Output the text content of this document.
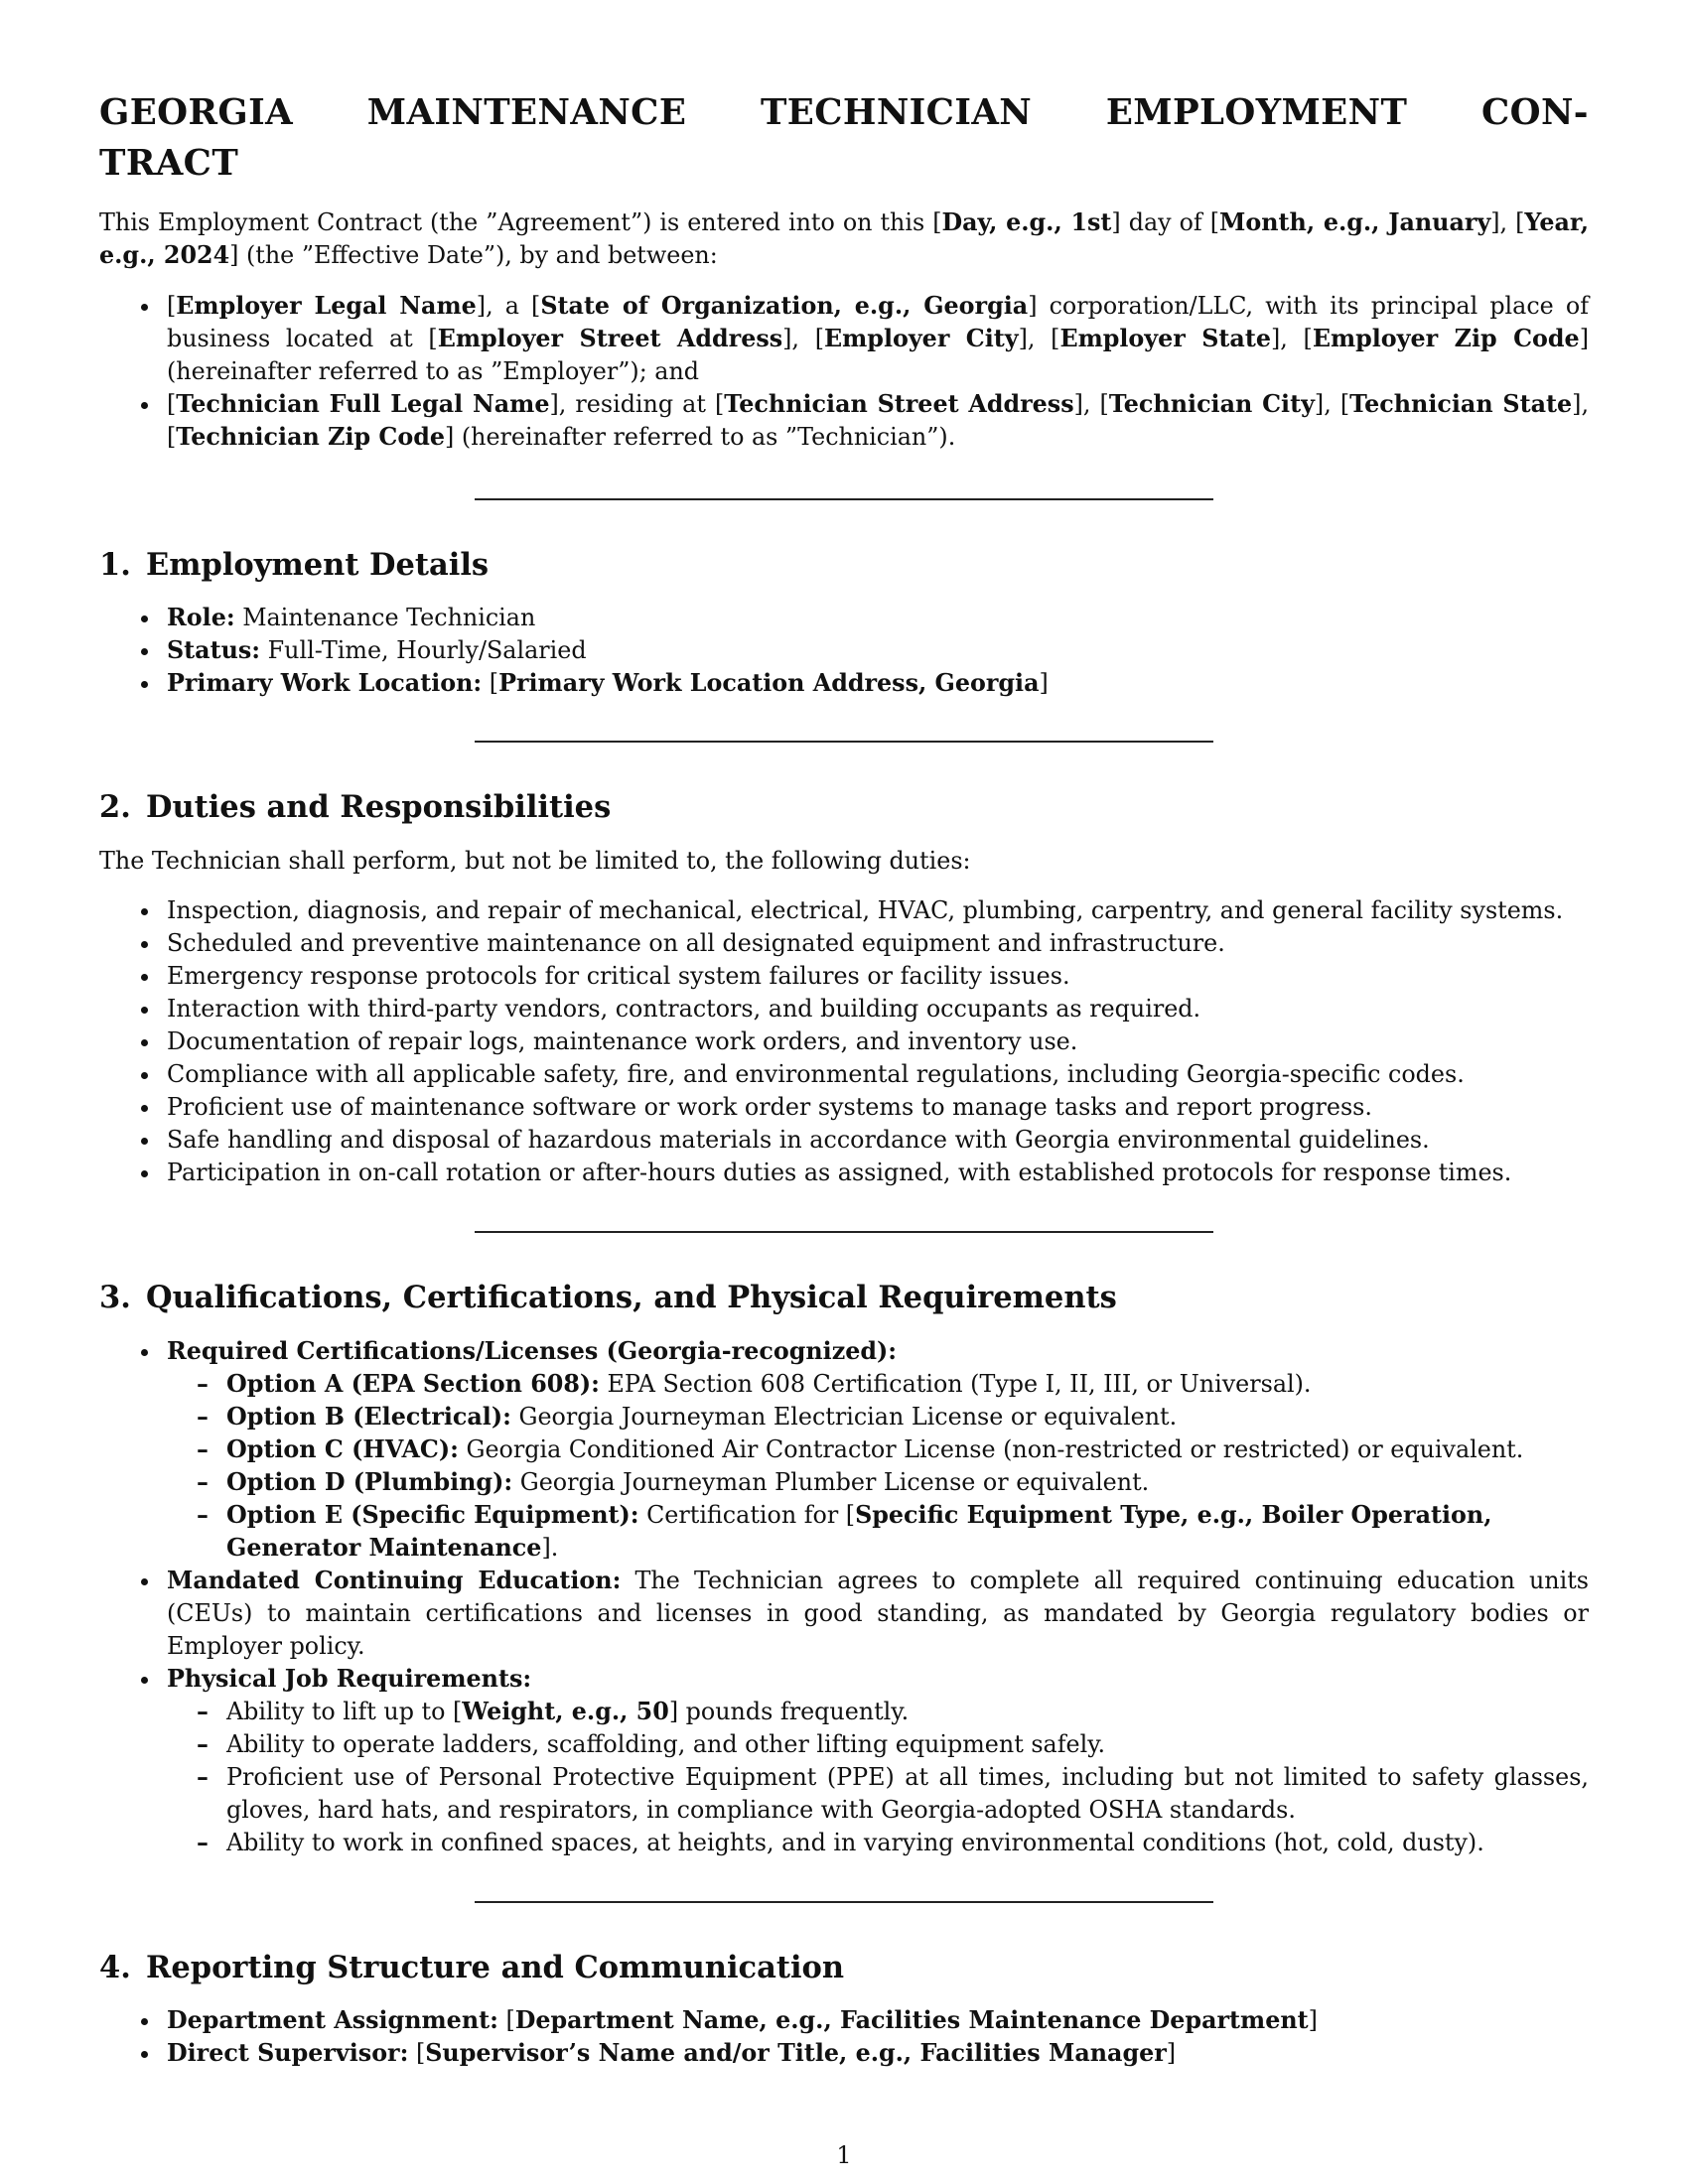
GEORGIA MAINTENANCE TECHNICIAN EMPLOYMENT CON-
TRACT

This Employment Contract (the ”Agreement”) is entered into on this [Day, e.g., 1st] day of [Month, e.g., January], [Year, e.g., 2024] (the ”Effective Date”), by and between:

[Employer Legal Name], a [State of Organization, e.g., Georgia] corporation/LLC, with its principal place of business located at [Employer Street Address], [Employer City], [Employer State], [Employer Zip Code] (hereinafter referred to as ”Employer”); and
[Technician Full Legal Name], residing at [Technician Street Address], [Technician City], [Technician State], [Technician Zip Code] (hereinafter referred to as ”Technician”).
1. Employment Details
Role: Maintenance Technician
Status: Full-Time, Hourly/Salaried
Primary Work Location: [Primary Work Location Address, Georgia]
2. Duties and Responsibilities

The Technician shall perform, but not be limited to, the following duties:

Inspection, diagnosis, and repair of mechanical, electrical, HVAC, plumbing, carpentry, and general facility systems.
Scheduled and preventive maintenance on all designated equipment and infrastructure.
Emergency response protocols for critical system failures or facility issues.
Interaction with third-party vendors, contractors, and building occupants as required.
Documentation of repair logs, maintenance work orders, and inventory use.
Compliance with all applicable safety, fire, and environmental regulations, including Georgia-specific codes.
Proficient use of maintenance software or work order systems to manage tasks and report progress.
Safe handling and disposal of hazardous materials in accordance with Georgia environmental guidelines.
Participation in on-call rotation or after-hours duties as assigned, with established protocols for response times.
3. Qualifications, Certifications, and Physical Requirements
Required Certifications/Licenses (Georgia-recognized):
– Option A (EPA Section 608): EPA Section 608 Certification (Type I, II, III, or Universal).
– Option B (Electrical): Georgia Journeyman Electrician License or equivalent.
– Option C (HVAC): Georgia Conditioned Air Contractor License (non-restricted or restricted) or equivalent.
– Option D (Plumbing): Georgia Journeyman Plumber License or equivalent.
– Option E (Specific Equipment): Certification for [Specific Equipment Type, e.g., Boiler Operation, Generator Maintenance].
Mandated Continuing Education: The Technician agrees to complete all required continuing education units (CEUs) to maintain certifications and licenses in good standing, as mandated by Georgia regulatory bodies or Employer policy.
Physical Job Requirements:
– Ability to lift up to [Weight, e.g., 50] pounds frequently.
– Ability to operate ladders, scaffolding, and other lifting equipment safely.
– Proficient use of Personal Protective Equipment (PPE) at all times, including but not limited to safety glasses, gloves, hard hats, and respirators, in compliance with Georgia-adopted OSHA standards.
– Ability to work in confined spaces, at heights, and in varying environmental conditions (hot, cold, dusty).
4. Reporting Structure and Communication
Department Assignment: [Department Name, e.g., Facilities Maintenance Department]
Direct Supervisor: [Supervisor’s Name and/or Title, e.g., Facilities Manager]
1
